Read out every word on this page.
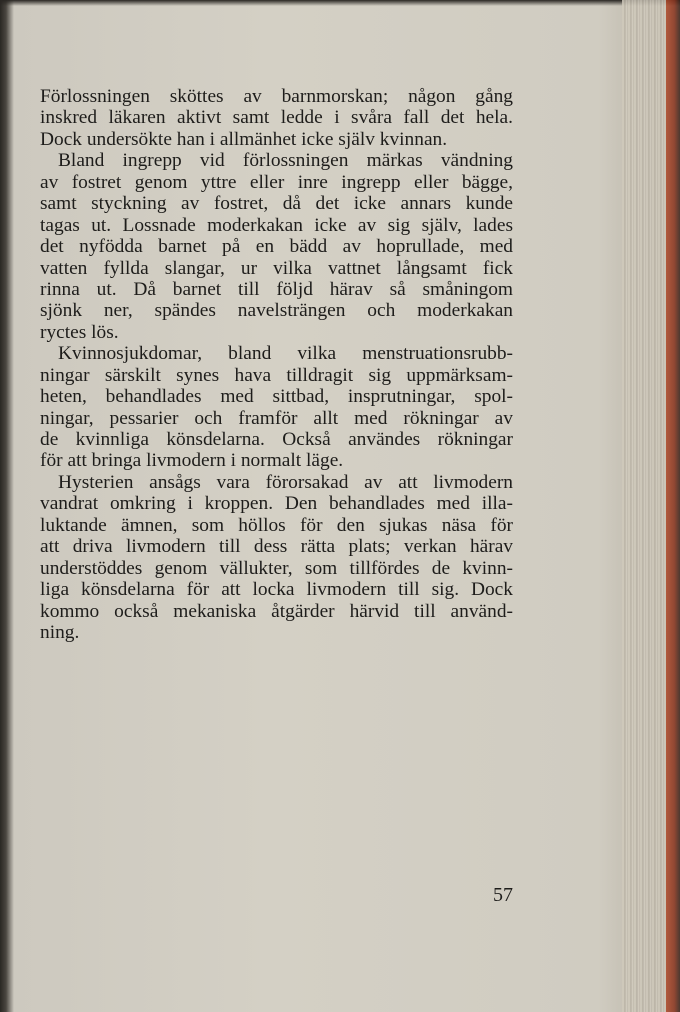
Förlossningen sköttes av barnmorskan; någon gång
inskred läkaren aktivt samt ledde i svåra fall det hela.
Dock undersökte han i allmänhet icke själv kvinnan.

Bland ingrepp vid förlossningen märkas vändning
av fostret genom yttre eller inre ingrepp eller bägge,
samt styckning av fostret, då det icke annars kunde
tagas ut. Lossnade moderkakan icke av sig själv, lades
det nyfödda barnet på en bädd av hoprullade, med
vatten fyllda slangar, ur vilka vattnet långsamt fick
rinna ut. Då barnet till följd härav så småningom
sjönk ner, spändes navelsträngen och moderkakan
ryctes lös.

Kvinnosjukdomar, bland vilka menstruationsrubb-
ningar särskilt synes hava tilldragit sig uppmärksam-
heten, behandlades med sittbad, insprutningar, spol-
ningar, pessarier och framför allt med rökningar av
de kvinnliga könsdelarna. Också användes rökningar
för att bringa livmodern i normalt läge.

Hysterien ansågs vara förorsakad av att livmodern
vandrat omkring i kroppen. Den behandlades med illa-
luktande ämnen, som höllos för den sjukas näsa för
att driva livmodern till dess rätta plats; verkan härav
understöddes genom vällukter, som tillfördes de kvinn-
liga könsdelarna för att locka livmodern till sig. Dock
kommo också mekaniska åtgärder härvid till använd-
ning.

57
